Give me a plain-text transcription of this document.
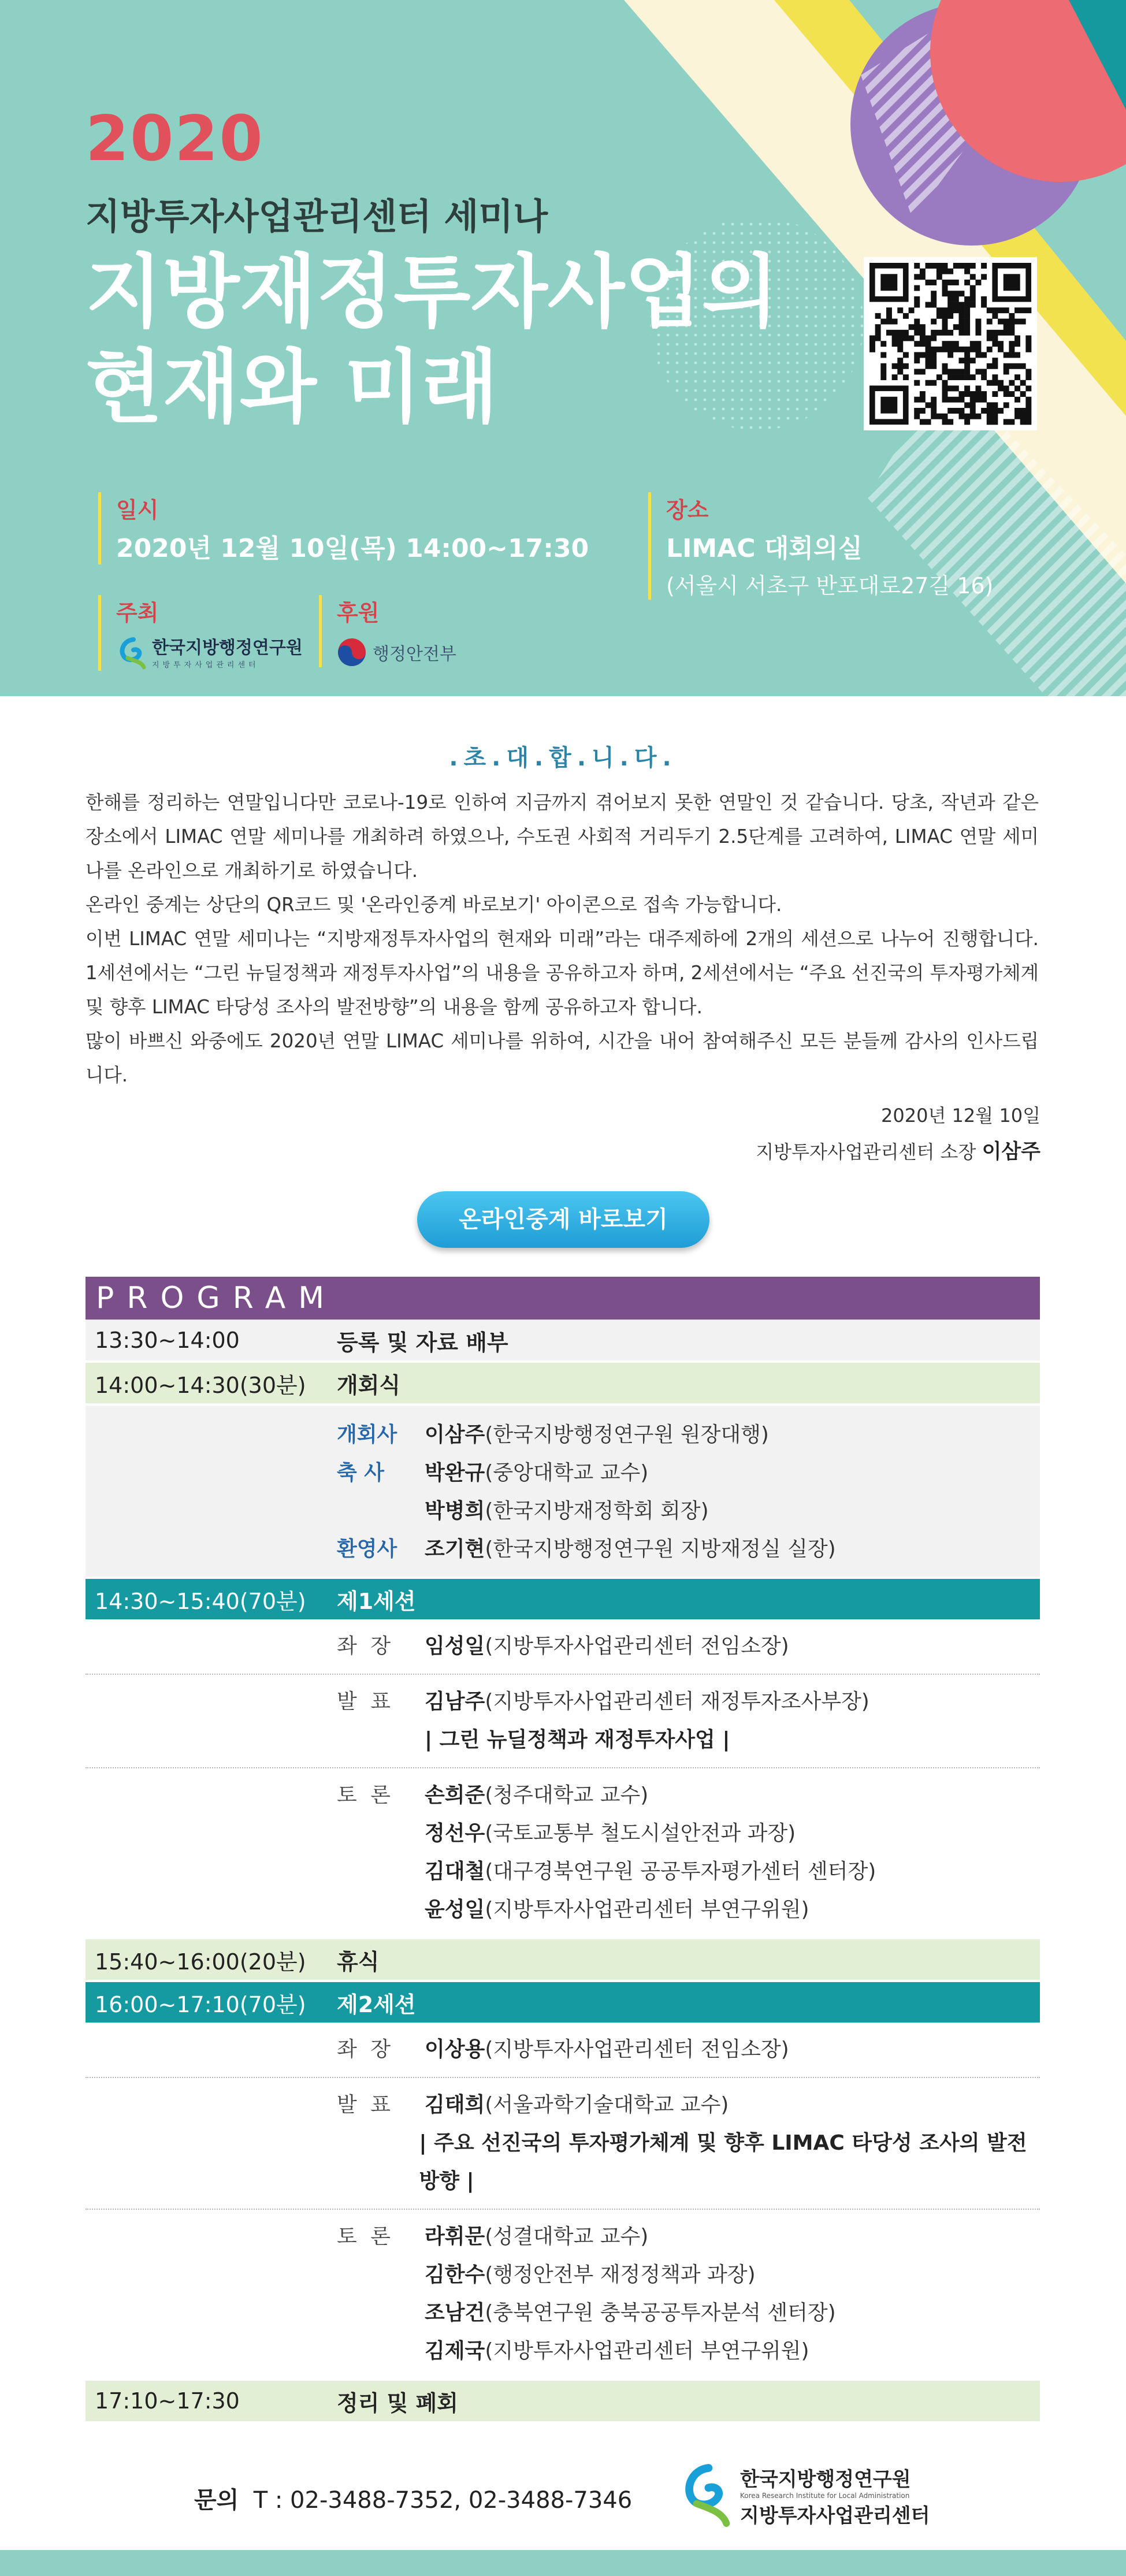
2020
지방투자사업관리센터 세미나
지방재정투자사업의
현재와 미래
일시
2020년 12월 10일(목) 14:00~17:30
장소
LIMAC 대회의실
(서울시 서초구 반포대로27길 16)
주최
한국지방행정연구원
지방투자사업관리센터
후원
행정안전부
.초.대.합.니.다.

한해를 정리하는 연말입니다만 코로나-19로 인하여 지금까지 겪어보지 못한 연말인 것 같습니다. 당초, 작년과 같은 장소에서 LIMAC 연말 세미나를 개최하려 하였으나, 수도권 사회적 거리두기 2.5단계를 고려하여, LIMAC 연말 세미나를 온라인으로 개최하기로 하였습니다.

온라인 중계는 상단의 QR코드 및 '온라인중계 바로보기' 아이콘으로 접속 가능합니다.

이번 LIMAC 연말 세미나는 “지방재정투자사업의 현재와 미래”라는 대주제하에 2개의 세션으로 나누어 진행합니다. 1세션에서는 “그린 뉴딜정책과 재정투자사업”의 내용을 공유하고자 하며, 2세션에서는 “주요 선진국의 투자평가체계 및 향후 LIMAC 타당성 조사의 발전방향”의 내용을 함께 공유하고자 합니다.

많이 바쁘신 와중에도 2020년 연말 LIMAC 세미나를 위하여, 시간을 내어 참여해주신 모든 분들께 감사의 인사드립니다.

2020년 12월 10일
지방투자사업관리센터 소장 이삼주
온라인중계 바로보기
PROGRAM
13:30~14:00	등록 및 자료 배부
14:00~14:30(30분)	개회식
개회사	이삼주 (한국지방행정연구원 원장대행)
축 사	박완규 (중앙대학교 교수)
박병희 (한국지방재정학회 회장)
환영사	조기현 (한국지방행정연구원 지방재정실 실장)
14:30~15:40(70분)	제1세션
좌 장	임성일 (지방투자사업관리센터 전임소장)
발 표	김남주 (지방투자사업관리센터 재정투자조사부장)
| 그린 뉴딜정책과 재정투자사업 |
토 론	손희준 (청주대학교 교수)
정선우 (국토교통부 철도시설안전과 과장)
김대철 (대구경북연구원 공공투자평가센터 센터장)
윤성일 (지방투자사업관리센터 부연구위원)
15:40~16:00(20분)	휴식
16:00~17:10(70분)	제2세션
좌 장	이상용 (지방투자사업관리센터 전임소장)
발 표	김태희 (서울과학기술대학교 교수)
| 주요 선진국의 투자평가체계 및 향후 LIMAC 타당성 조사의 발전방향 |
토 론	라휘문 (성결대학교 교수)
김한수 (행정안전부 재정정책과 과장)
조남건 (충북연구원 충북공공투자분석 센터장)
김제국 (지방투자사업관리센터 부연구위원)
17:10~17:30	정리 및 폐회
문의 T : 02-3488-7352, 02-3488-7346
한국지방행정연구원
Korea Research Institute for Local Administration
지방투자사업관리센터
